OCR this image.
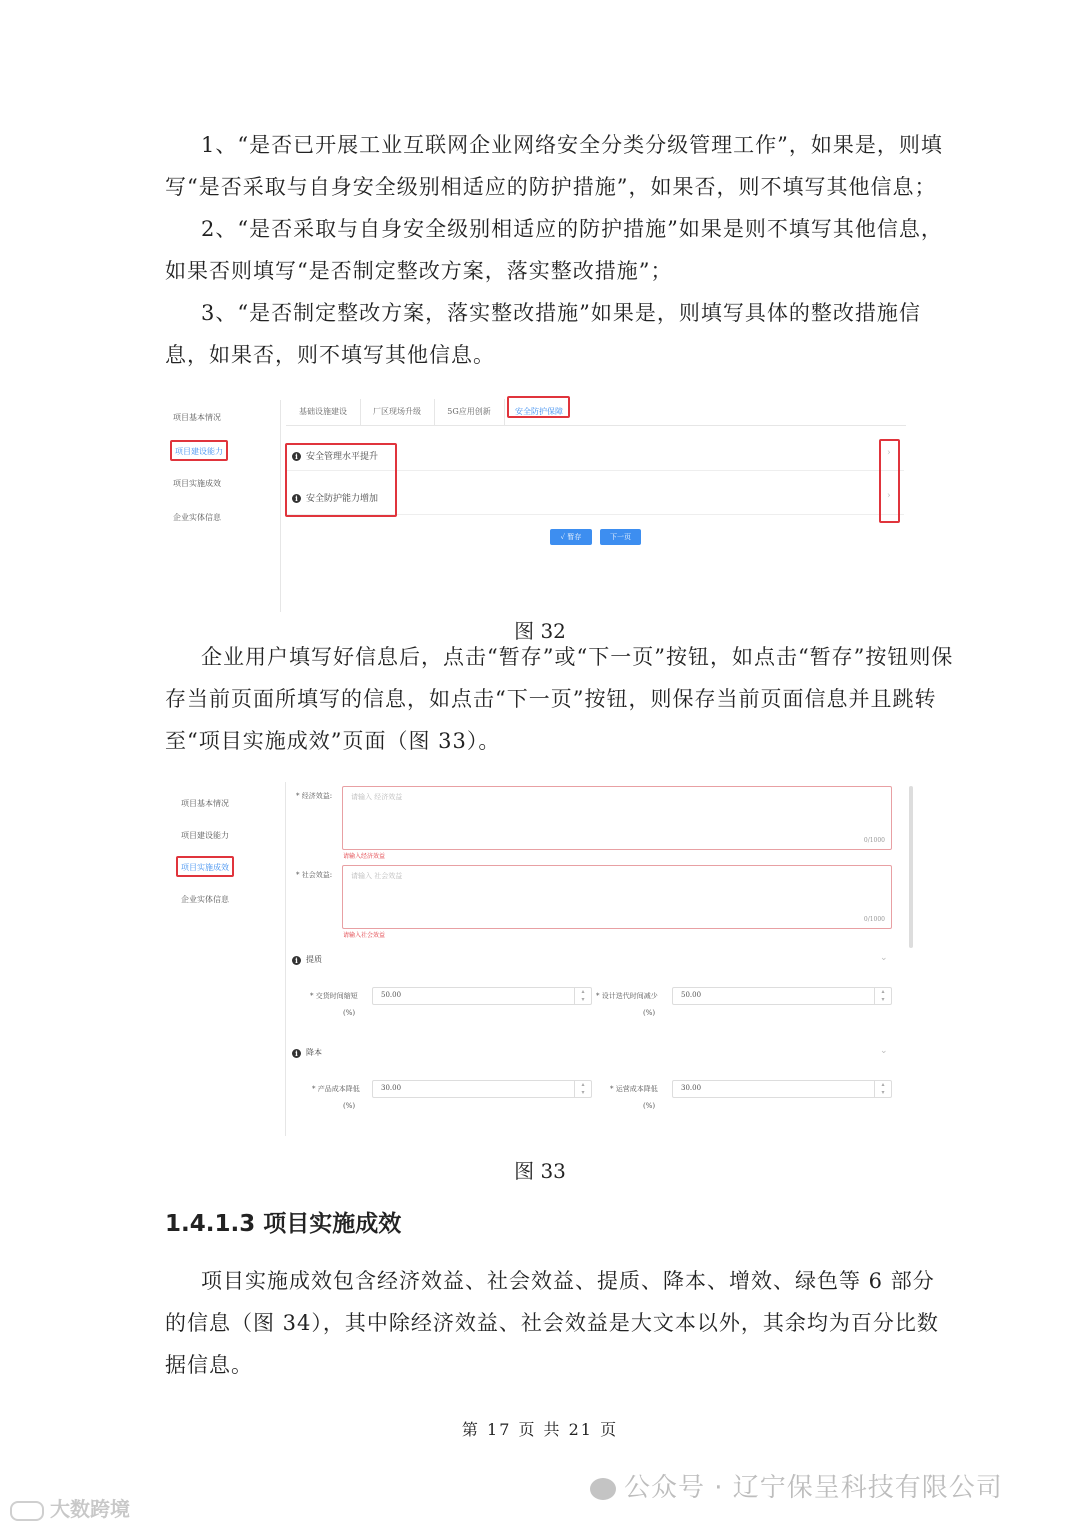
1、“是否已开展工业互联网企业网络安全分类分级管理工作”，如果是，则填写“是否采取与自身安全级别相适应的防护措施”，如果否，则不填写其他信息；

2、“是否采取与自身安全级别相适应的防护措施”如果是则不填写其他信息，如果否则填写“是否制定整改方案，落实整改措施”；

3、“是否制定整改方案，落实整改措施”如果是，则填写具体的整改措施信息，如果否，则不填写其他信息。

项目基本情况
项目建设能力
项目实施成效
企业实体信息
基础设施建设	厂区现场升级	5G应用创新	安全防护保障
i 安全管理水平提升
i 安全防护能力增加
›
›
✓ 暂存	下一页
图 32

企业用户填写好信息后，点击“暂存”或“下一页”按钮，如点击“暂存”按钮则保存当前页面所填写的信息，如点击“下一页”按钮，则保存当前页面信息并且跳转至“项目实施成效”页面（图 33）。

项目基本情况
项目建设能力
项目实施成效
企业实体信息
* 经济效益:	请输入 经济效益
0/1000
请输入经济效益
* 社会效益:	请输入 社会效益
0/1000
请输入社会效益
i 提质	⌄
* 交货时间缩短
(%)
50.00	▴
▾	* 设计迭代时间减少
(%)
50.00	▴
▾
i 降本	⌄
* 产品成本降低
(%)
30.00	▴
▾	* 运营成本降低
(%)
30.00	▴
▾
图 33
1.4.1.3 项目实施成效

项目实施成效包含经济效益、社会效益、提质、降本、增效、绿色等 6 部分的信息（图 34），其中除经济效益、社会效益是大文本以外，其余均为百分比数据信息。

第 17 页 共 21 页
公众号 · 辽宁保呈科技有限公司
大数跨境
